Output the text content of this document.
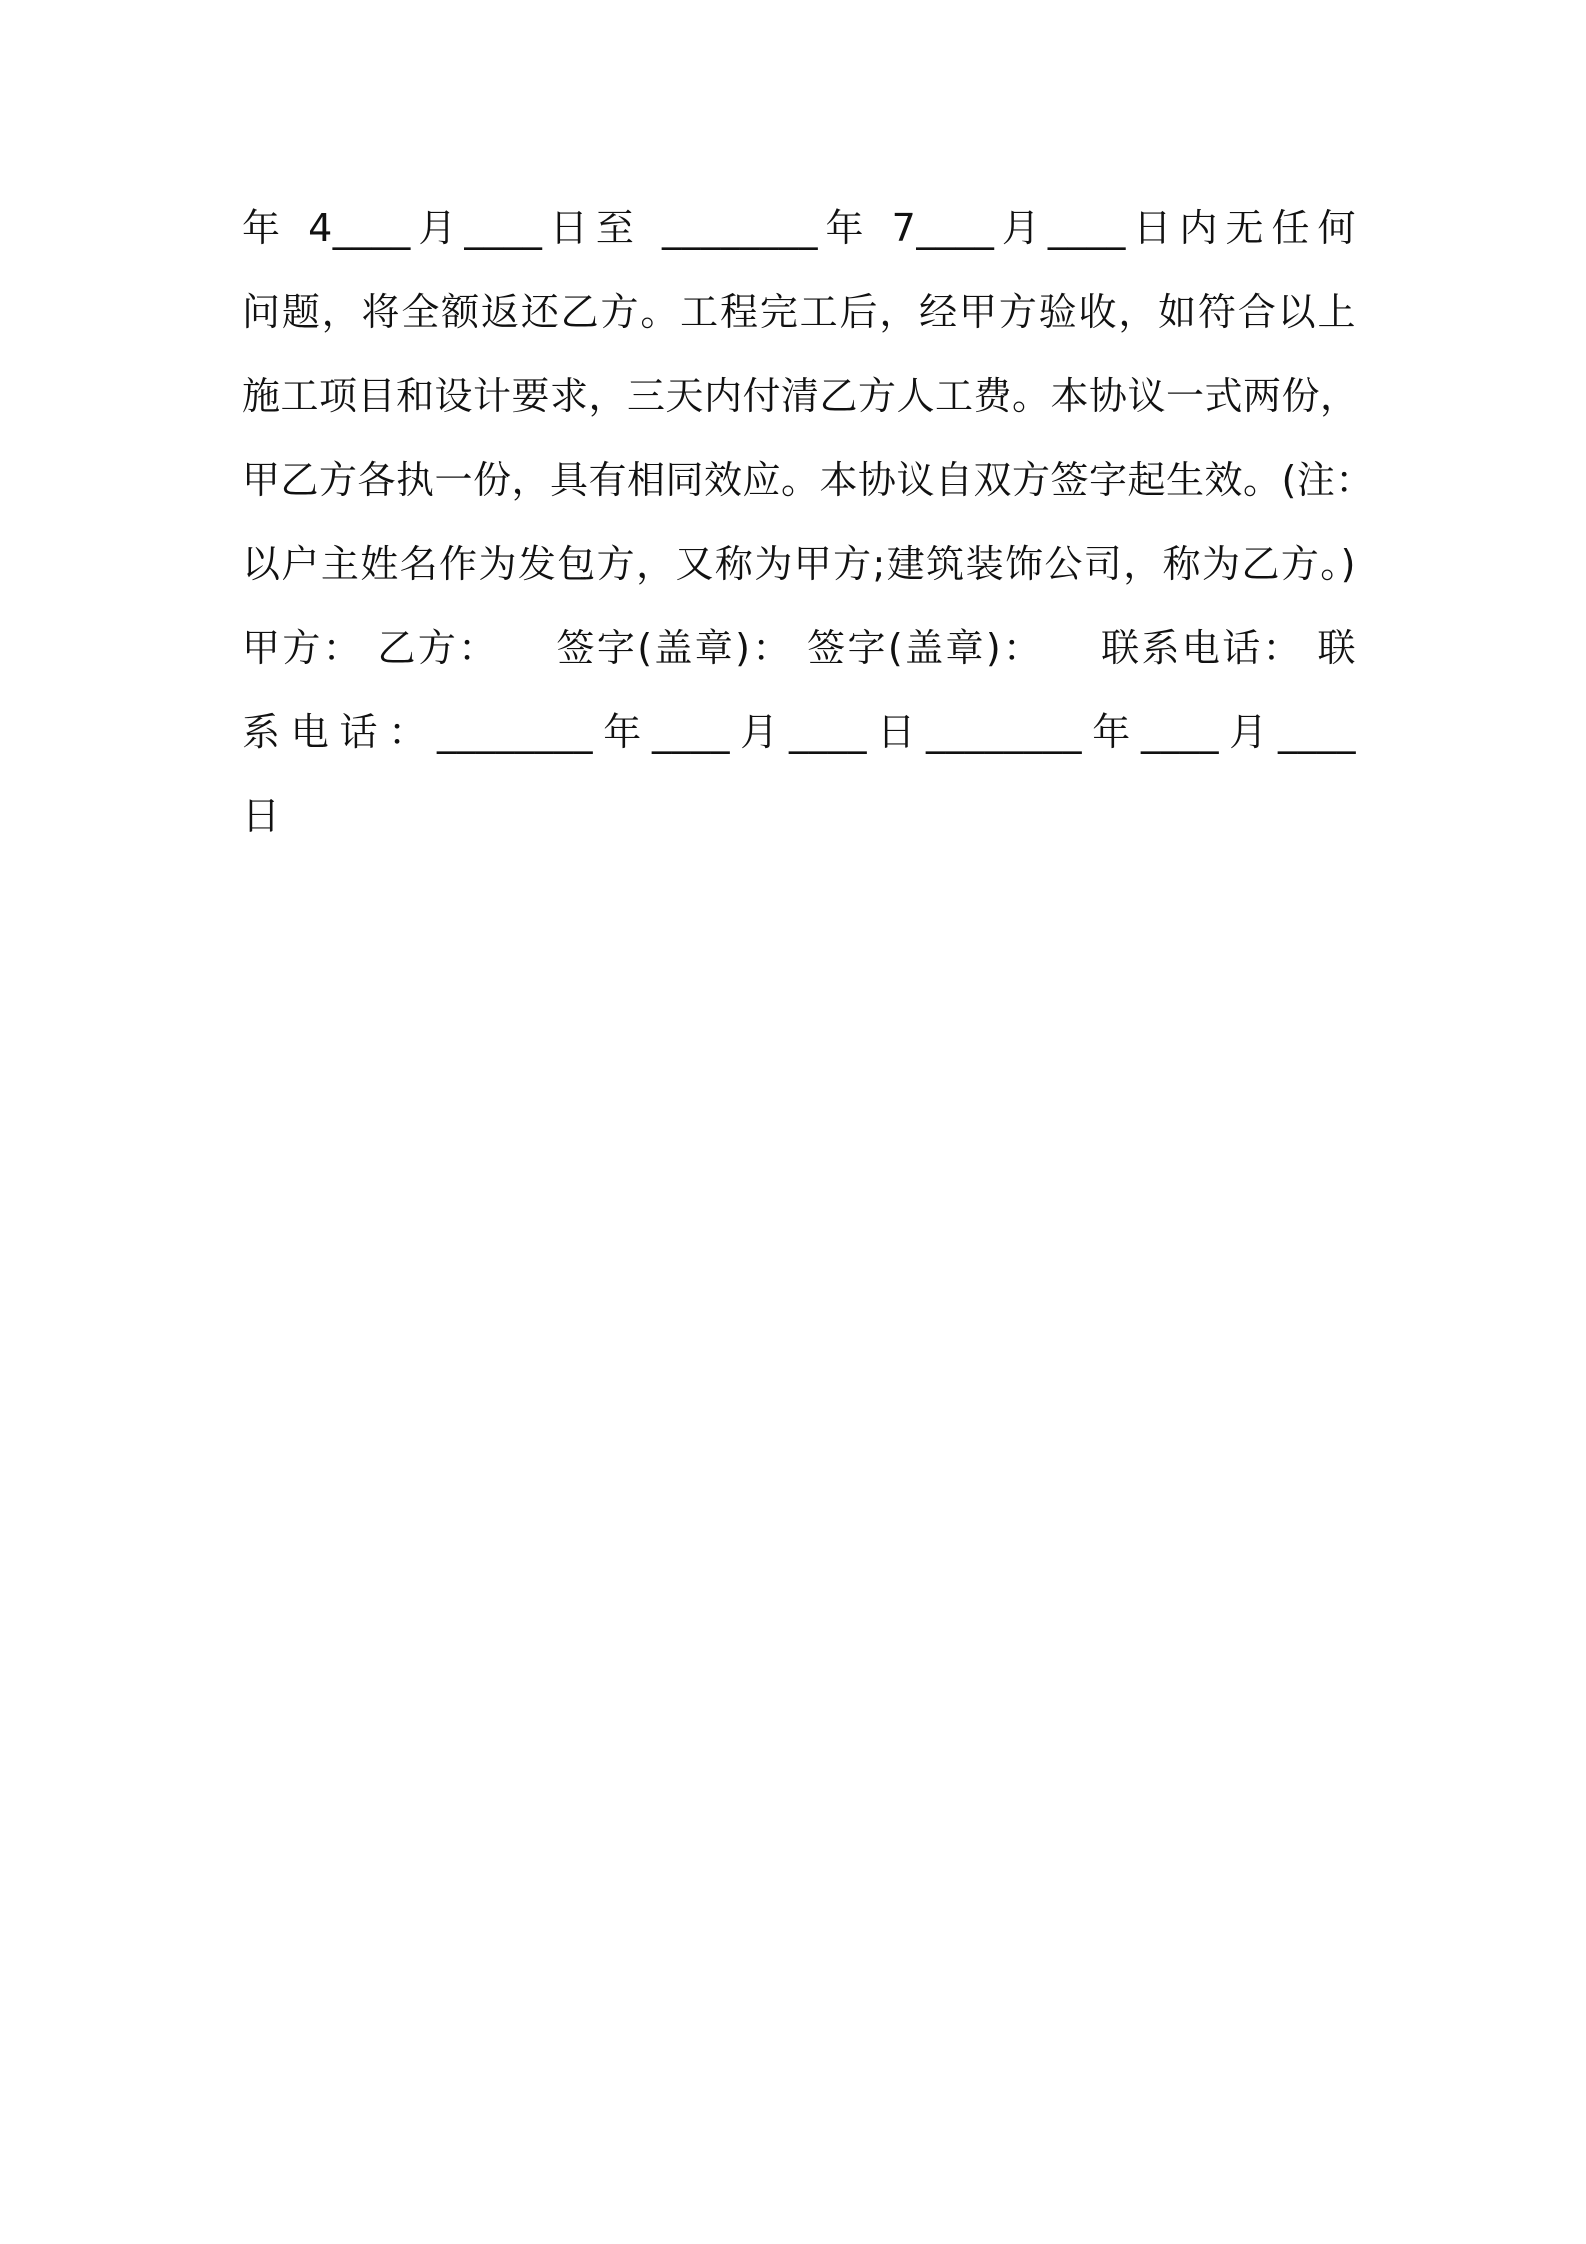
年 4____月____日至 ________年 7____月____日内无任何
问题，将全额返还乙方。工程完工后，经甲方验收，如符合以上
施工项目和设计要求，三天内付清乙方人工费。本协议一式两份，
甲乙方各执一份，具有相同效应。本协议自双方签字起生效。(注：
以户主姓名作为发包方，又称为甲方;建筑装饰公司，称为乙方。)
甲方： 乙方：    签字(盖章)： 签字(盖章)：    联系电话： 联
系电话：________年____月____日________年____月____
日
